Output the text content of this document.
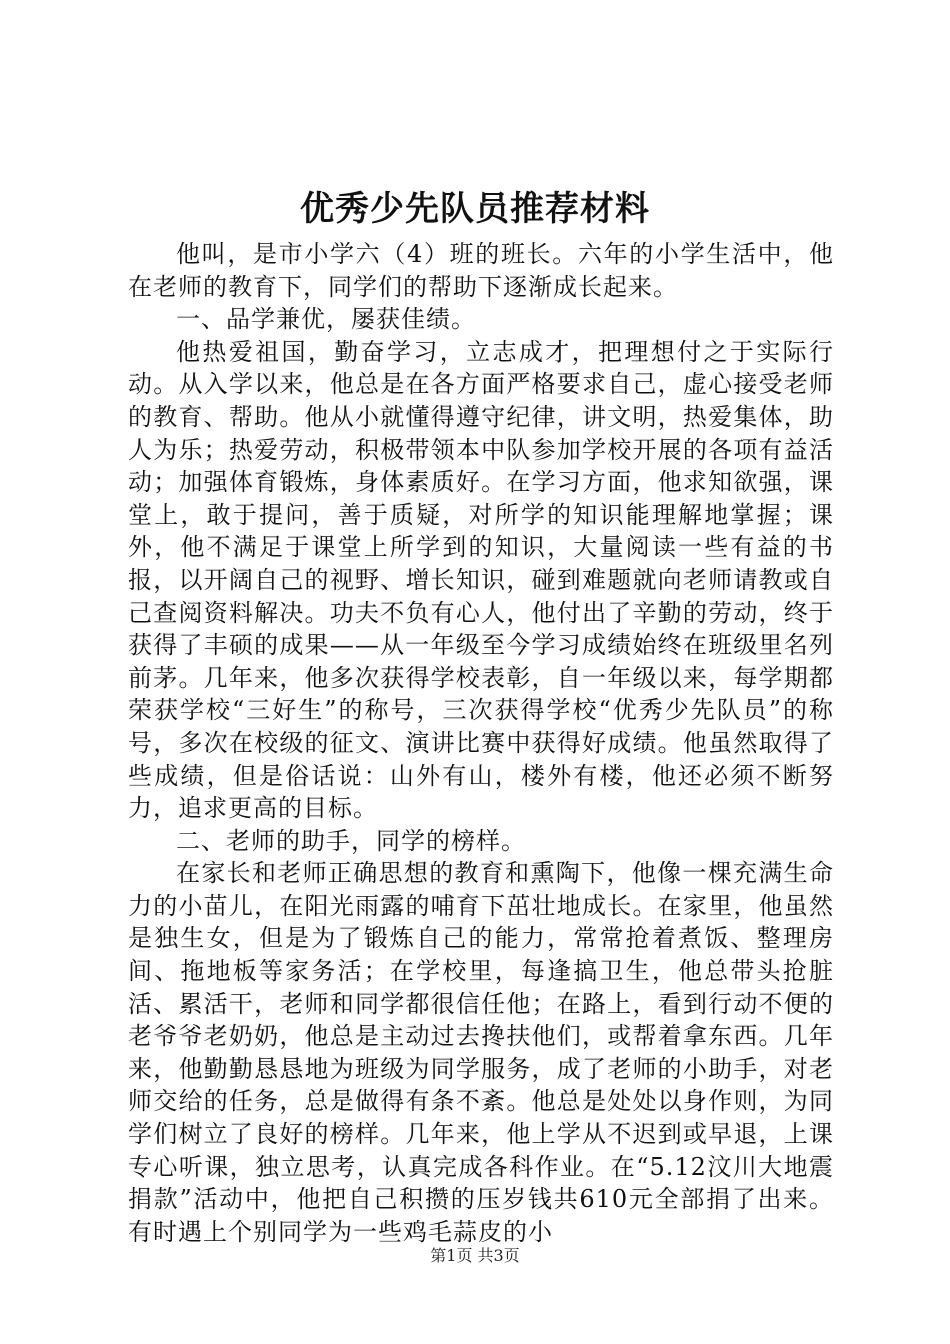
优秀少先队员推荐材料

他叫，是市小学六（4）班的班长。六年的小学生活中，他在老师的教育下，同学们的帮助下逐渐成长起来。

一、品学兼优，屡获佳绩。

他热爱祖国，勤奋学习，立志成才，把理想付之于实际行动。从入学以来，他总是在各方面严格要求自己，虚心接受老师的教育、帮助。他从小就懂得遵守纪律，讲文明，热爱集体，助人为乐；热爱劳动，积极带领本中队参加学校开展的各项有益活动；加强体育锻炼，身体素质好。在学习方面，他求知欲强，课堂上，敢于提问，善于质疑，对所学的知识能理解地掌握；课外，他不满足于课堂上所学到的知识，大量阅读一些有益的书报，以开阔自己的视野、增长知识，碰到难题就向老师请教或自己查阅资料解决。功夫不负有心人，他付出了辛勤的劳动，终于获得了丰硕的成果——从一年级至今学习成绩始终在班级里名列前茅。几年来，他多次获得学校表彰，自一年级以来，每学期都荣获学校“三好生”的称号，三次获得学校“优秀少先队员”的称号，多次在校级的征文、演讲比赛中获得好成绩。他虽然取得了些成绩，但是俗话说：山外有山，楼外有楼，他还必须不断努力，追求更高的目标。

二、老师的助手，同学的榜样。

在家长和老师正确思想的教育和熏陶下，他像一棵充满生命力的小苗儿，在阳光雨露的哺育下茁壮地成长。在家里，他虽然是独生女，但是为了锻炼自己的能力，常常抢着煮饭、整理房间、拖地板等家务活；在学校里，每逢搞卫生，他总带头抢脏活、累活干，老师和同学都很信任他；在路上，看到行动不便的老爷爷老奶奶，他总是主动过去搀扶他们，或帮着拿东西。几年来，他勤勤恳恳地为班级为同学服务，成了老师的小助手，对老师交给的任务，总是做得有条不紊。他总是处处以身作则，为同学们树立了良好的榜样。几年来，他上学从不迟到或早退，上课专心听课，独立思考，认真完成各科作业。在“5.12汶川大地震捐款”活动中，他把自己积攒的压岁钱共610元全部捐了出来。有时遇上个别同学为一些鸡毛蒜皮的小

第1页 共3页
